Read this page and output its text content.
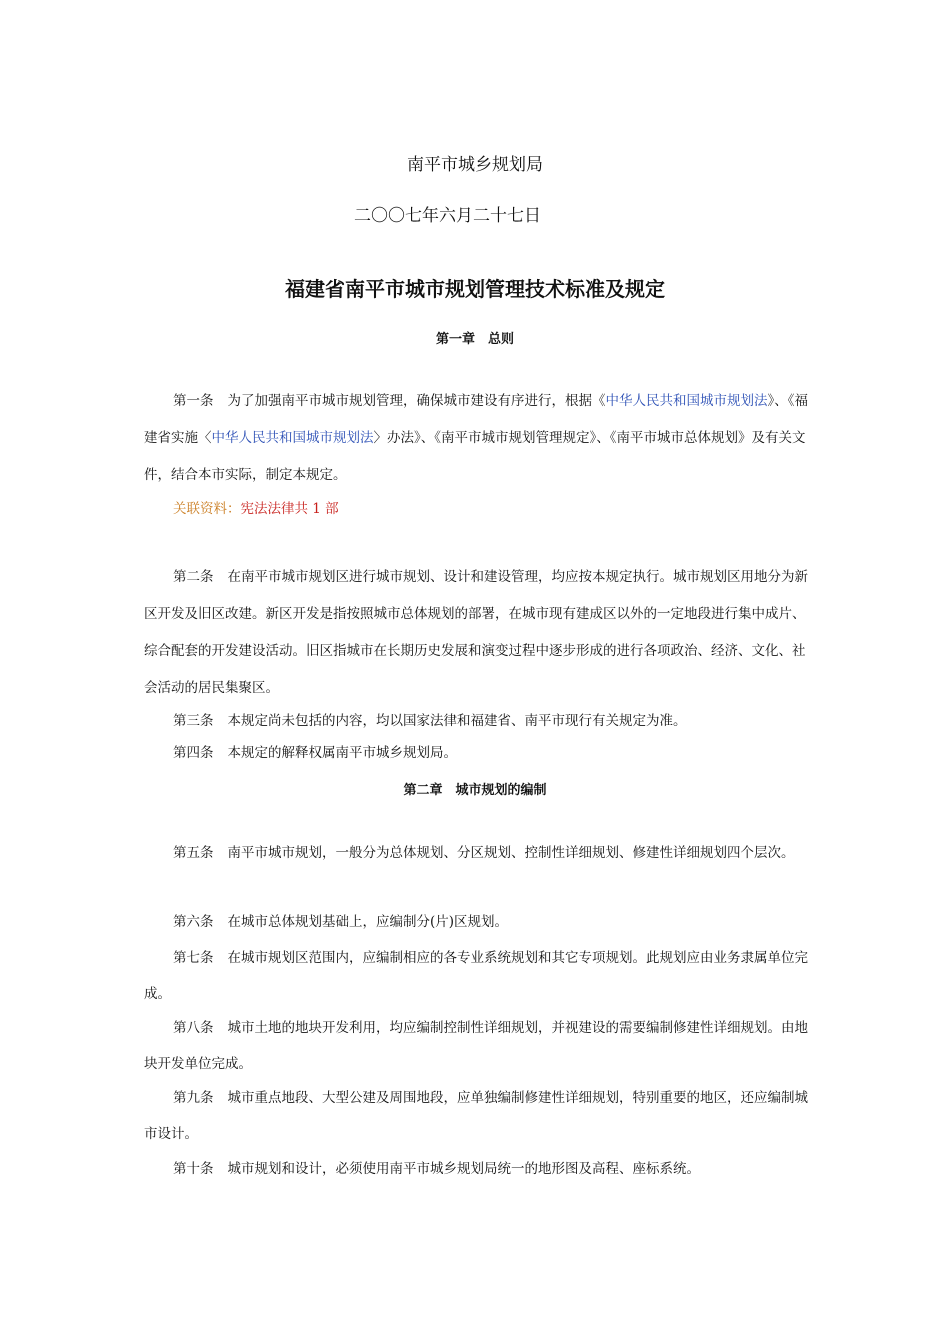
南平市城乡规划局
二〇〇七年六月二十七日
福建省南平市城市规划管理技术标准及规定
第一章　总则
第一条 为了加强南平市城市规划管理，确保城市建设有序进行，根据《中华人民共和国城市规划法》、《福建省实施〈中华人民共和国城市规划法〉办法》、《南平市城市规划管理规定》、《南平市城市总体规划》及有关文件，结合本市实际，制定本规定。
关联资料：宪法法律共 1 部
第二条 在南平市城市规划区进行城市规划、设计和建设管理，均应按本规定执行。城市规划区用地分为新区开发及旧区改建。新区开发是指按照城市总体规划的部署，在城市现有建成区以外的一定地段进行集中成片、综合配套的开发建设活动。旧区指城市在长期历史发展和演变过程中逐步形成的进行各项政治、经济、文化、社会活动的居民集聚区。
第三条 本规定尚未包括的内容，均以国家法律和福建省、南平市现行有关规定为准。
第四条 本规定的解释权属南平市城乡规划局。
第二章　城市规划的编制
第五条 南平市城市规划，一般分为总体规划、分区规划、控制性详细规划、修建性详细规划四个层次。
第六条 在城市总体规划基础上，应编制分(片)区规划。
第七条 在城市规划区范围内，应编制相应的各专业系统规划和其它专项规划。此规划应由业务隶属单位完成。
第八条 城市土地的地块开发利用，均应编制控制性详细规划，并视建设的需要编制修建性详细规划。由地块开发单位完成。
第九条 城市重点地段、大型公建及周围地段，应单独编制修建性详细规划，特别重要的地区，还应编制城市设计。
第十条 城市规划和设计，必须使用南平市城乡规划局统一的地形图及高程、座标系统。
